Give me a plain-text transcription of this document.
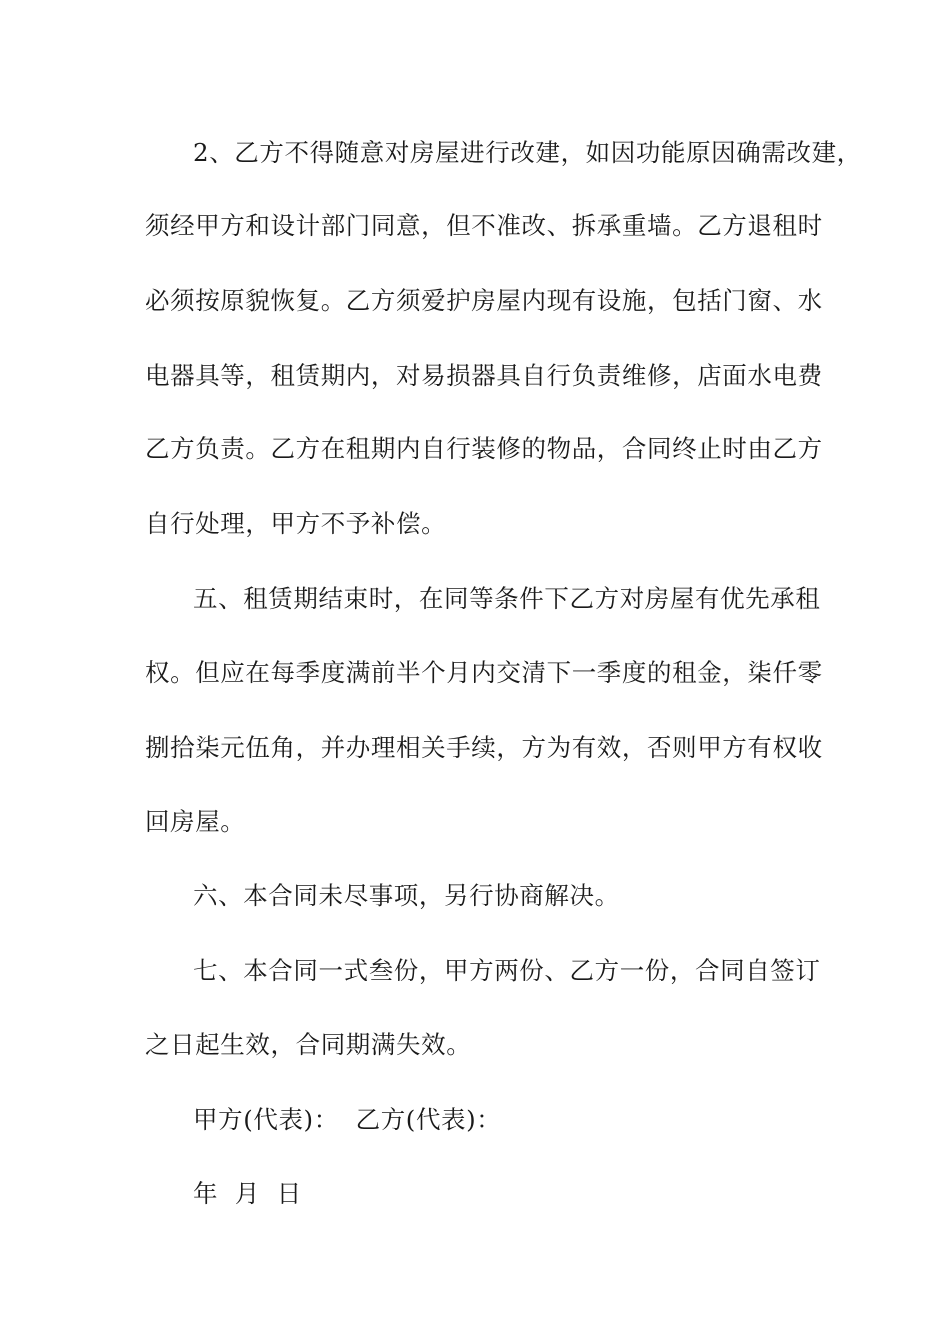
2、乙方不得随意对房屋进行改建，如因功能原因确需改建，
须经甲方和设计部门同意，但不准改、拆承重墙。乙方退租时
必须按原貌恢复。乙方须爱护房屋内现有设施，包括门窗、水
电器具等，租赁期内，对易损器具自行负责维修，店面水电费
乙方负责。乙方在租期内自行装修的物品，合同终止时由乙方
自行处理，甲方不予补偿。
五、租赁期结束时，在同等条件下乙方对房屋有优先承租
权。但应在每季度满前半个月内交清下一季度的租金，柒仟零
捌拾柒元伍角，并办理相关手续，方为有效，否则甲方有权收
回房屋。
六、本合同未尽事项，另行协商解决。
七、本合同一式叁份，甲方两份、乙方一份，合同自签订
之日起生效，合同期满失效。
甲方(代表)：  乙方(代表)：
年  月  日
